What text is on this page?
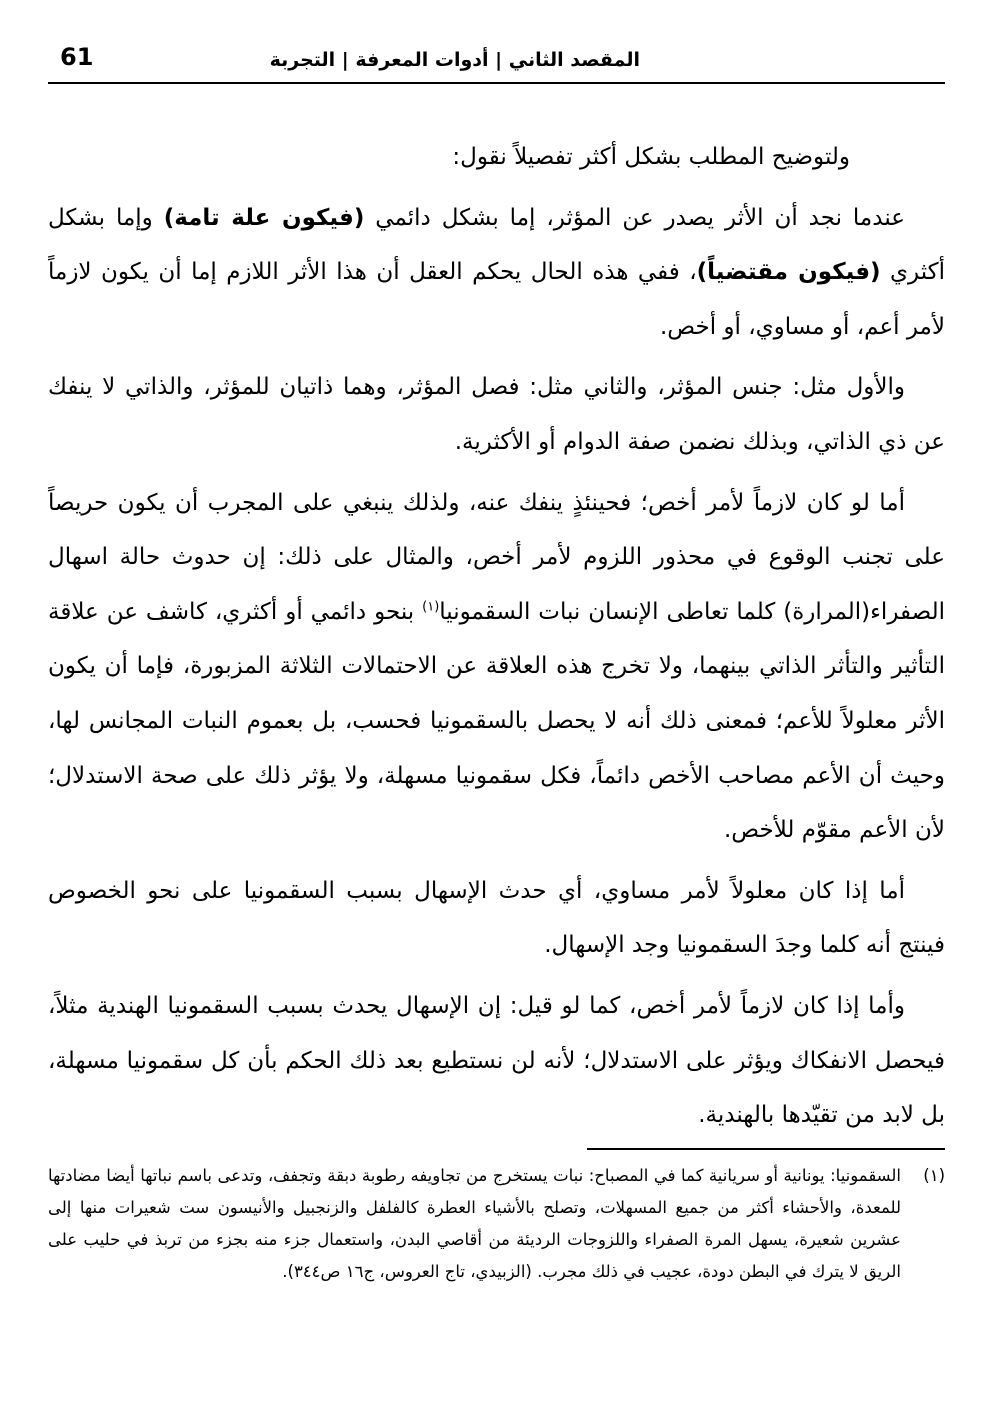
61	المقصد الثاني | أدوات المعرفة | التجربة

ولتوضيح المطلب بشكل أكثر تفصيلاً نقول:

عندما نجد أن الأثر يصدر عن المؤثر، إما بشكل دائمي (فيكون علة تامة) وإما بشكل أكثري (فيكون مقتضياً)، ففي هذه الحال يحكم العقل أن هذا الأثر اللازم إما أن يكون لازماً لأمر أعم، أو مساوي، أو أخص.

والأول مثل: جنس المؤثر، والثاني مثل: فصل المؤثر، وهما ذاتيان للمؤثر، والذاتي لا ينفك عن ذي الذاتي، وبذلك نضمن صفة الدوام أو الأكثرية.

أما لو كان لازماً لأمر أخص؛ فحينئذٍ ينفك عنه، ولذلك ينبغي على المجرب أن يكون حريصاً على تجنب الوقوع في محذور اللزوم لأمر أخص، والمثال على ذلك: إن حدوث حالة اسهال الصفراء(المرارة) كلما تعاطى الإنسان نبات السقمونيا$^{(١)}$ بنحو دائمي أو أكثري، كاشف عن علاقة التأثير والتأثر الذاتي بينهما، ولا تخرج هذه العلاقة عن الاحتمالات الثلاثة المزبورة، فإما أن يكون الأثر معلولاً للأعم؛ فمعنى ذلك أنه لا يحصل بالسقمونيا فحسب، بل بعموم النبات المجانس لها، وحيث أن الأعم مصاحب الأخص دائماً، فكل سقمونيا مسهلة، ولا يؤثر ذلك على صحة الاستدلال؛ لأن الأعم مقوّم للأخص.

أما إذا كان معلولاً لأمر مساوي، أي حدث الإسهال بسبب السقمونيا على نحو الخصوص فينتج أنه كلما وجدَ السقمونيا وجد الإسهال.

وأما إذا كان لازماً لأمر أخص، كما لو قيل: إن الإسهال يحدث بسبب السقمونيا الهندية مثلاً، فيحصل الانفكاك ويؤثر على الاستدلال؛ لأنه لن نستطيع بعد ذلك الحكم بأن كل سقمونيا مسهلة، بل لابد من تقيّدها بالهندية.

(١)
السقمونيا: يونانية أو سريانية كما في المصباح: نبات يستخرج من تجاويفه رطوبة دبقة وتجفف، وتدعى باسم نباتها أيضا مضادتها للمعدة، والأحشاء أكثر من جميع المسهلات، وتصلح بالأشياء العطرة كالفلفل والزنجبيل والأنيسون ست شعيرات منها إلى عشرين شعيرة، يسهل المرة الصفراء واللزوجات الرديئة من أقاصي البدن، واستعمال جزء منه بجزء من تربذ في حليب على الريق لا يترك في البطن دودة، عجيب في ذلك مجرب. (الزبيدي، تاج العروس، ج١٦ ص٣٤٤).
